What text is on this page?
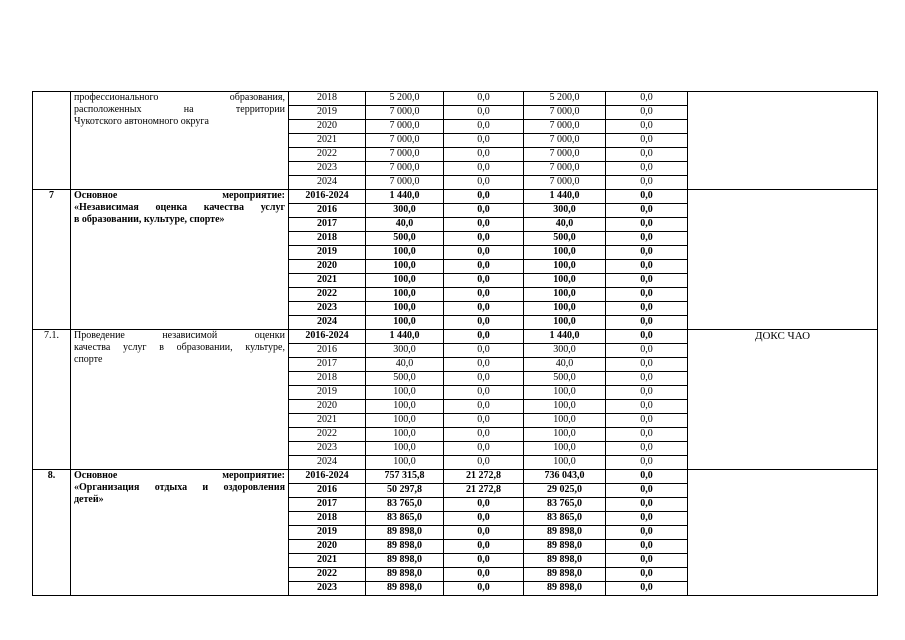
	профессионального образования,
расположенных на территории
Чукотского автономного округа	2018	5 200,0	0,0	5 200,0	0,0	
		2019	7 000,0	0,0	7 000,0	0,0	
		2020	7 000,0	0,0	7 000,0	0,0	
		2021	7 000,0	0,0	7 000,0	0,0	
		2022	7 000,0	0,0	7 000,0	0,0	
		2023	7 000,0	0,0	7 000,0	0,0	
		2024	7 000,0	0,0	7 000,0	0,0	
7	Основное мероприятие:
«Независимая оценка качества услуг
в образовании, культуре, спорте»	2016-2024	1 440,0	0,0	1 440,0	0,0	
		2016	300,0	0,0	300,0	0,0	
		2017	40,0	0,0	40,0	0,0	
		2018	500,0	0,0	500,0	0,0	
		2019	100,0	0,0	100,0	0,0	
		2020	100,0	0,0	100,0	0,0	
		2021	100,0	0,0	100,0	0,0	
		2022	100,0	0,0	100,0	0,0	
		2023	100,0	0,0	100,0	0,0	
		2024	100,0	0,0	100,0	0,0	
7.1.	Проведение независимой оценки
качества услуг в образовании, культуре,
спорте	2016-2024	1 440,0	0,0	1 440,0	0,0	ДОКС ЧАО
		2016	300,0	0,0	300,0	0,0	
		2017	40,0	0,0	40,0	0,0	
		2018	500,0	0,0	500,0	0,0	
		2019	100,0	0,0	100,0	0,0	
		2020	100,0	0,0	100,0	0,0	
		2021	100,0	0,0	100,0	0,0	
		2022	100,0	0,0	100,0	0,0	
		2023	100,0	0,0	100,0	0,0	
		2024	100,0	0,0	100,0	0,0	
8.	Основное мероприятие:
«Организация отдыха и оздоровления
детей»	2016-2024	757 315,8	21 272,8	736 043,0	0,0	
		2016	50 297,8	21 272,8	29 025,0	0,0	
		2017	83 765,0	0,0	83 765,0	0,0	
		2018	83 865,0	0,0	83 865,0	0,0	
		2019	89 898,0	0,0	89 898,0	0,0	
		2020	89 898,0	0,0	89 898,0	0,0	
		2021	89 898,0	0,0	89 898,0	0,0	
		2022	89 898,0	0,0	89 898,0	0,0	
		2023	89 898,0	0,0	89 898,0	0,0	
